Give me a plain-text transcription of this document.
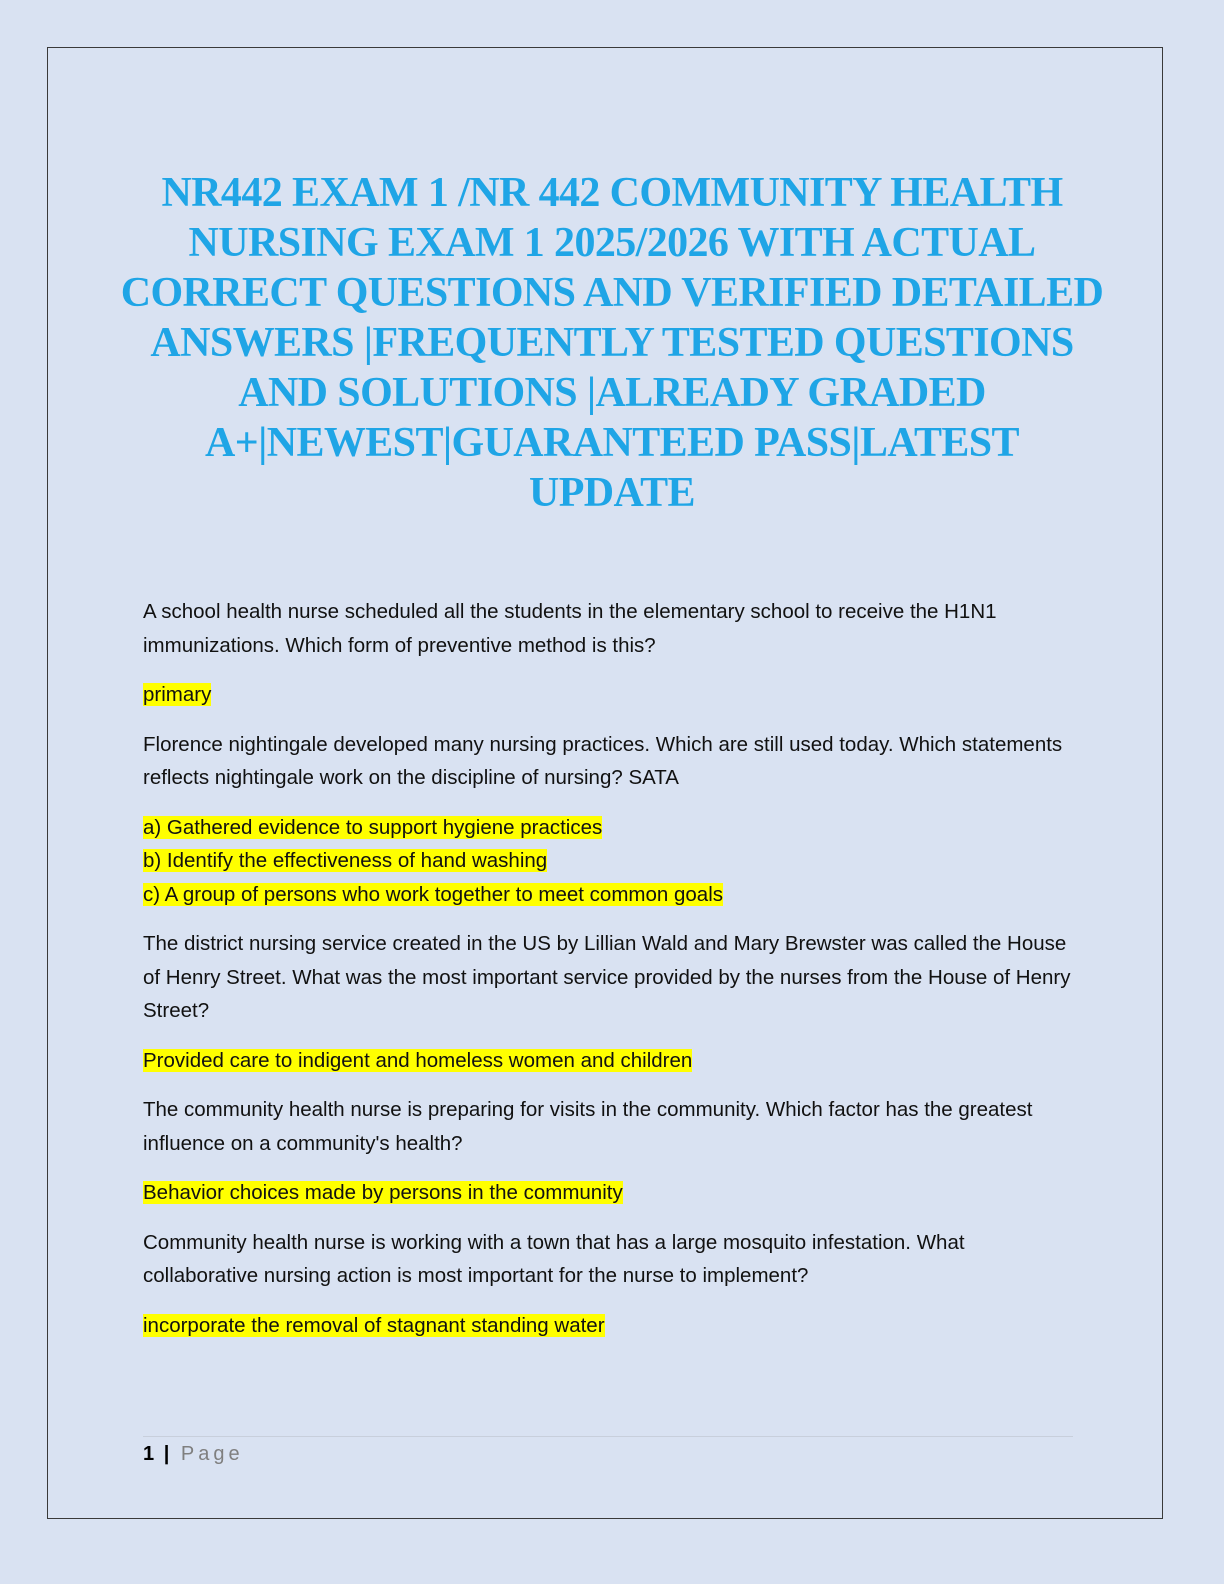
NR442 EXAM 1 /NR 442 COMMUNITY HEALTH NURSING EXAM 1 2025/2026 WITH ACTUAL CORRECT QUESTIONS AND VERIFIED DETAILED ANSWERS |FREQUENTLY TESTED QUESTIONS AND SOLUTIONS |ALREADY GRADED A+|NEWEST|GUARANTEED PASS|LATEST UPDATE

A school health nurse scheduled all the students in the elementary school to receive the H1N1 immunizations. Which form of preventive method is this?

primary

Florence nightingale developed many nursing practices. Which are still used today. Which statements reflects nightingale work on the discipline of nursing? SATA

a) Gathered evidence to support hygiene practices
b) Identify the effectiveness of hand washing
c) A group of persons who work together to meet common goals

The district nursing service created in the US by Lillian Wald and Mary Brewster was called the House of Henry Street. What was the most important service provided by the nurses from the House of Henry Street?

Provided care to indigent and homeless women and children

The community health nurse is preparing for visits in the community. Which factor has the greatest influence on a community's health?

Behavior choices made by persons in the community

Community health nurse is working with a town that has a large mosquito infestation. What collaborative nursing action is most important for the nurse to implement?

incorporate the removal of stagnant standing water
1 | Page
